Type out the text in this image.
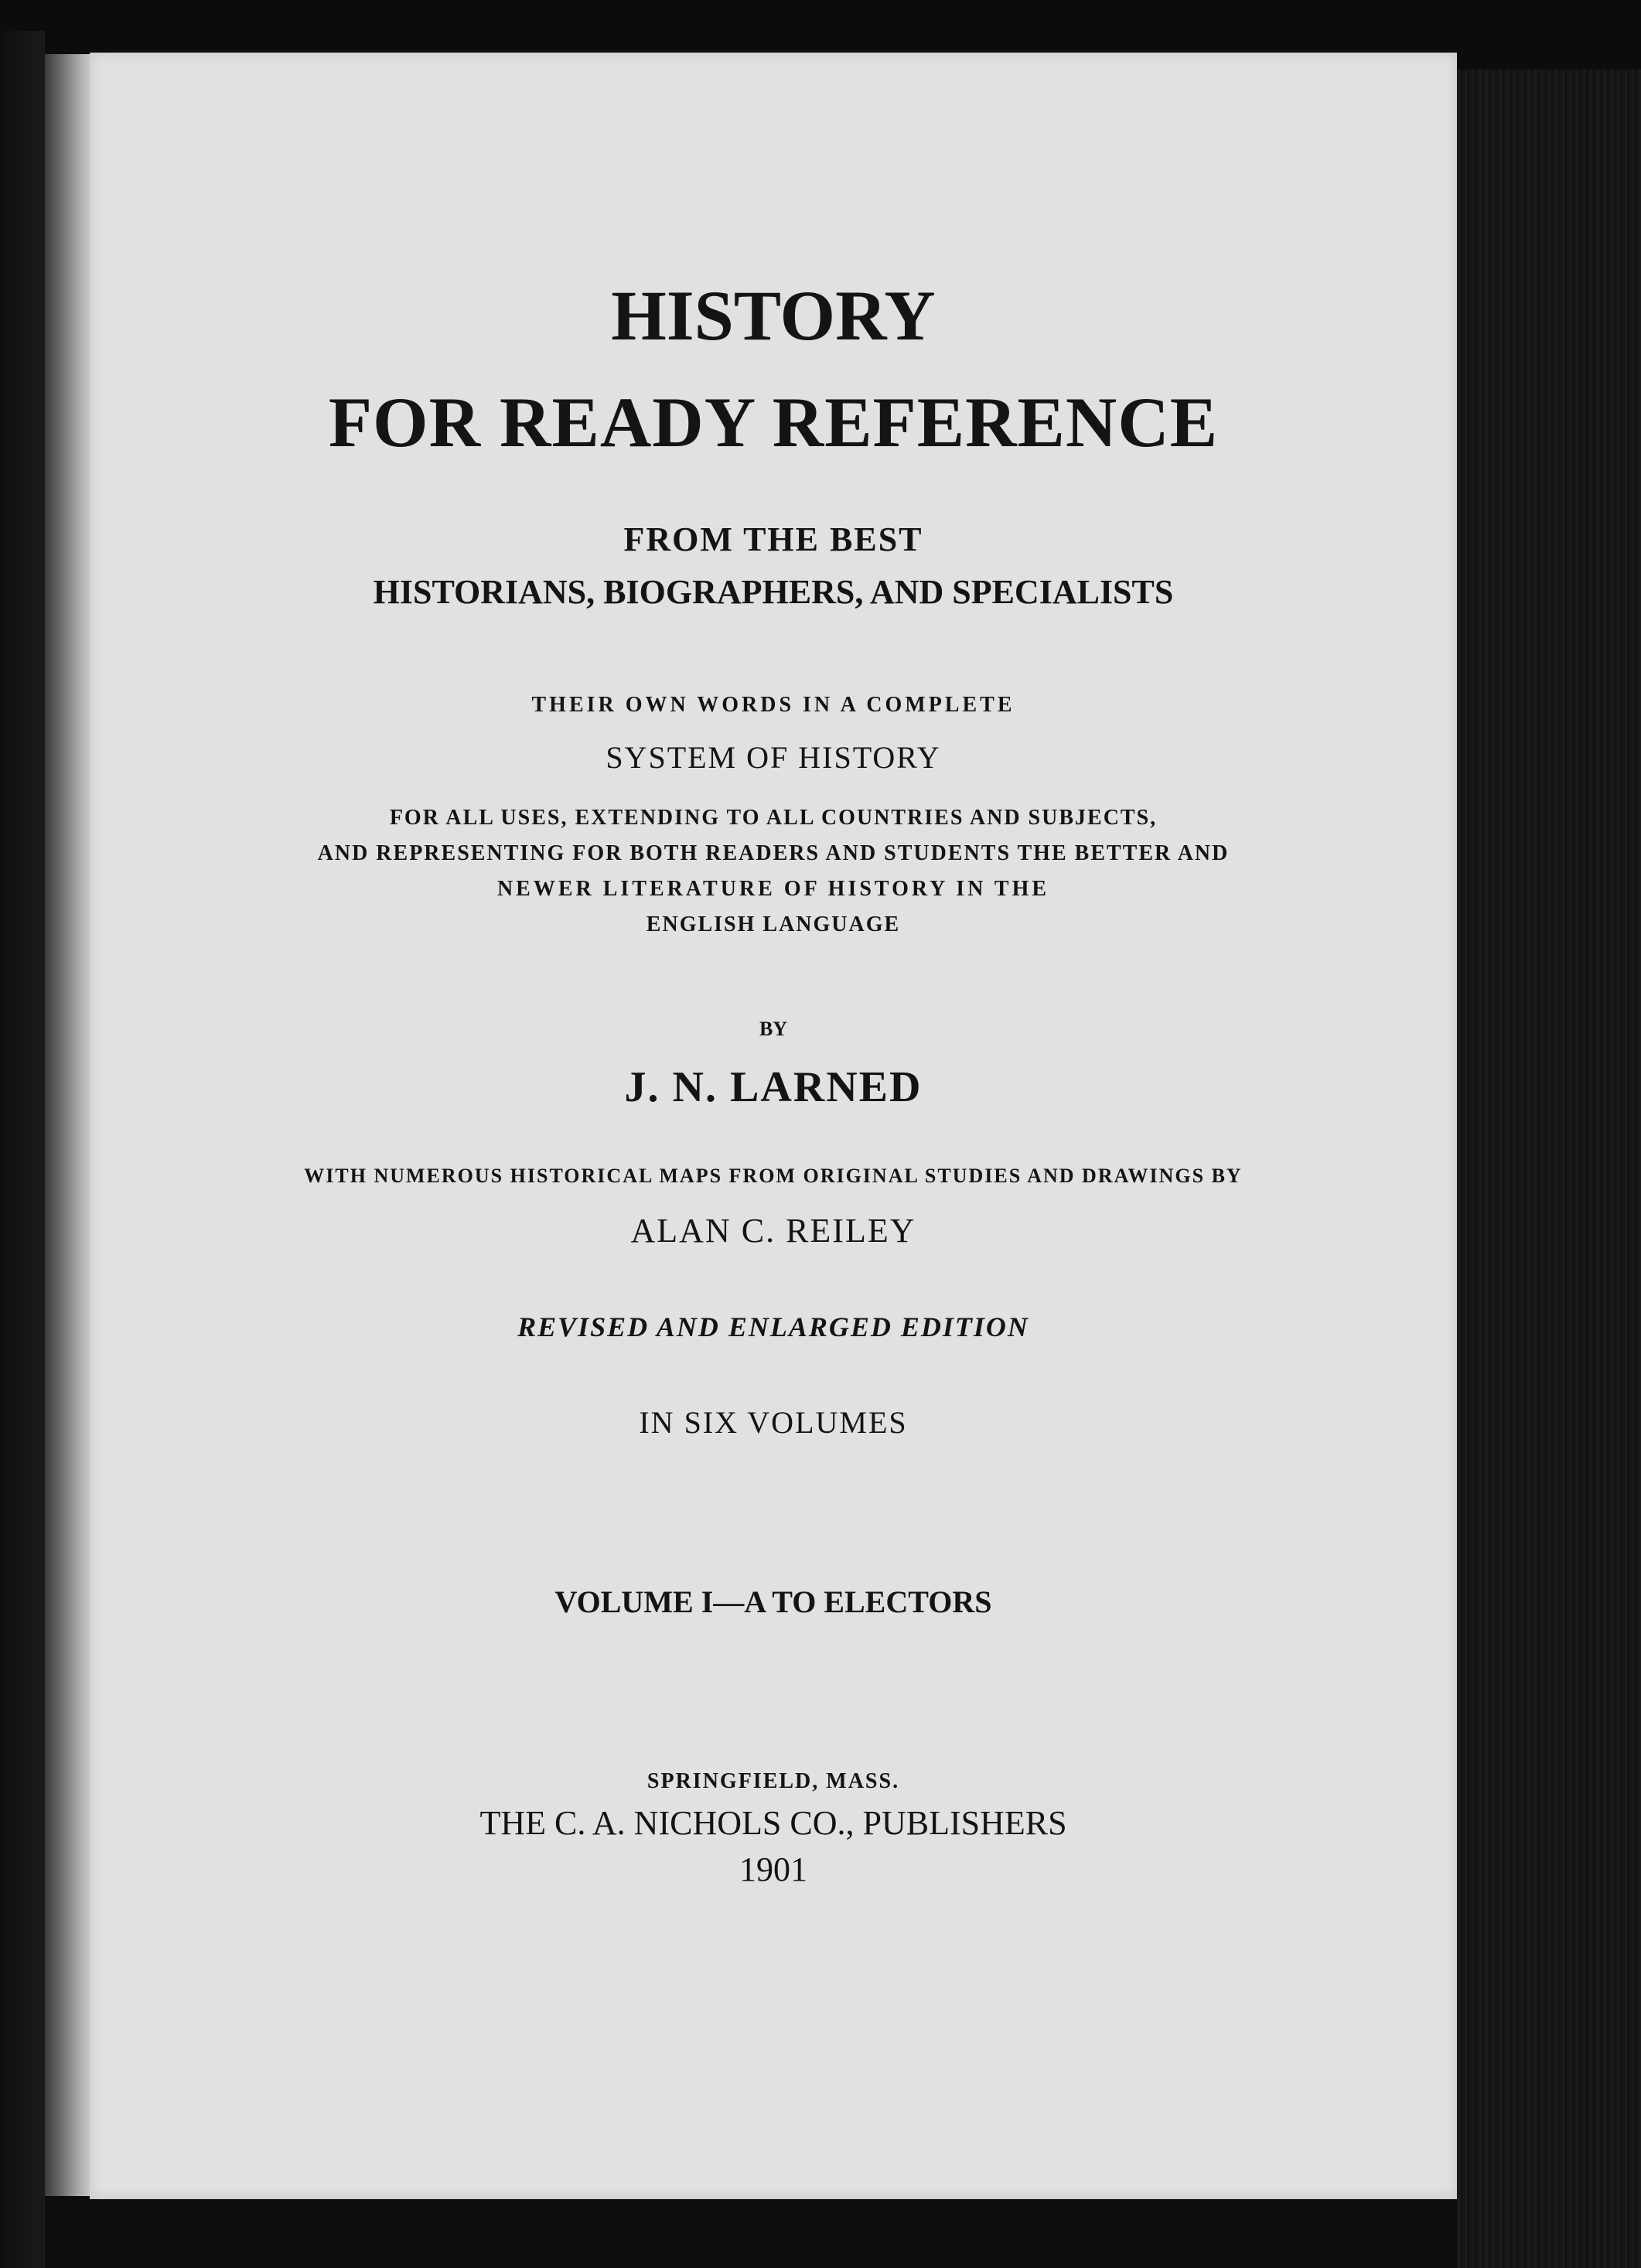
HISTORY

FOR READY REFERENCE

FROM THE BEST

HISTORIANS, BIOGRAPHERS, AND SPECIALISTS

THEIR OWN WORDS IN A COMPLETE

SYSTEM OF HISTORY

FOR ALL USES, EXTENDING TO ALL COUNTRIES AND SUBJECTS,

AND REPRESENTING FOR BOTH READERS AND STUDENTS THE BETTER AND

NEWER LITERATURE OF HISTORY IN THE

ENGLISH LANGUAGE

BY

J. N. LARNED

WITH NUMEROUS HISTORICAL MAPS FROM ORIGINAL STUDIES AND DRAWINGS BY

ALAN C. REILEY

REVISED AND ENLARGED EDITION

IN SIX VOLUMES

VOLUME I—A TO ELECTORS

SPRINGFIELD, MASS.

THE C. A. NICHOLS CO., PUBLISHERS

1901
